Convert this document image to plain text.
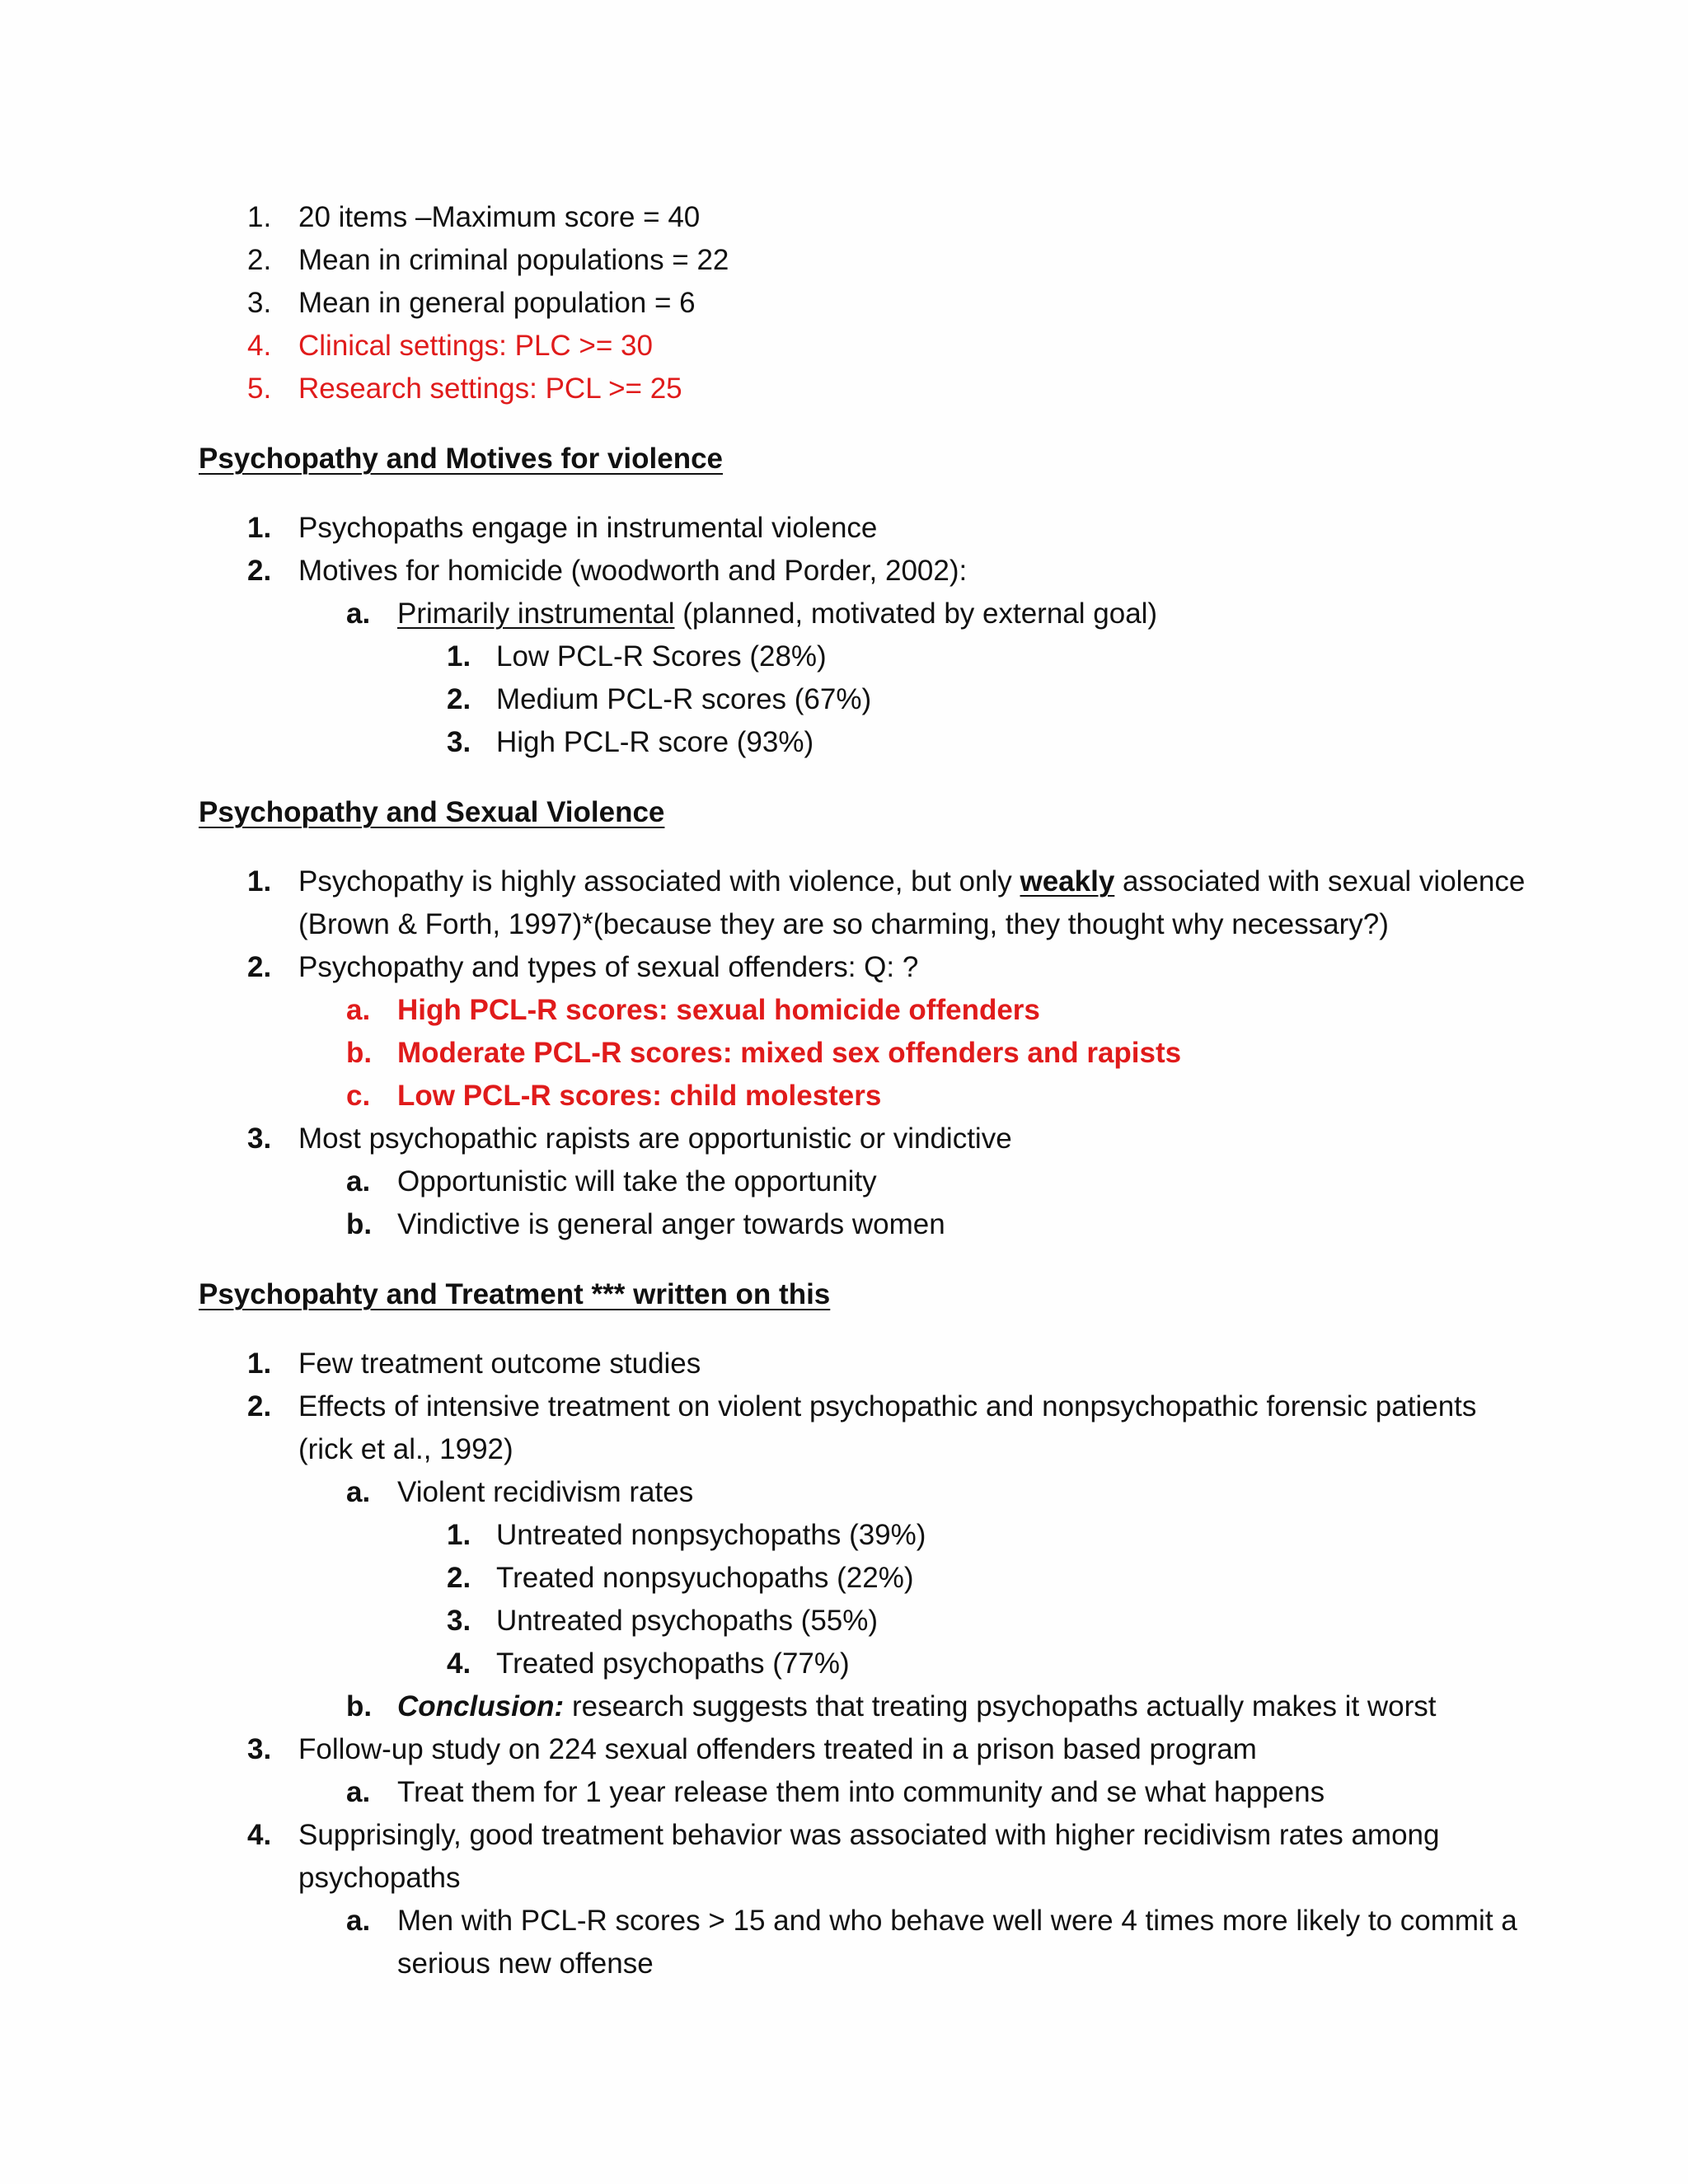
1. 20 items –Maximum score = 40
2. Mean in criminal populations = 22
3. Mean in general population = 6
4. Clinical settings: PLC >= 30
5. Research settings: PCL >= 25
Psychopathy and Motives for violence
1. Psychopaths engage in instrumental violence
2. Motives for homicide (woodworth and Porder, 2002):
a. Primarily instrumental (planned, motivated by external goal)
1. Low PCL-R Scores (28%)
2. Medium PCL-R scores (67%)
3. High PCL-R score (93%)
Psychopathy and Sexual Violence
1. Psychopathy is highly associated with violence, but only weakly associated with sexual violence
(Brown & Forth, 1997)*(because they are so charming, they thought why necessary?)
2. Psychopathy and types of sexual offenders: Q: ?
a. High PCL-R scores: sexual homicide offenders
b. Moderate PCL-R scores: mixed sex offenders and rapists
c. Low PCL-R scores: child molesters
3. Most psychopathic rapists are opportunistic or vindictive
a. Opportunistic will take the opportunity
b. Vindictive is general anger towards women
Psychopahty and Treatment *** written on this
1. Few treatment outcome studies
2. Effects of intensive treatment on violent psychopathic and nonpsychopathic forensic patients
(rick et al., 1992)
a. Violent recidivism rates
1. Untreated nonpsychopaths (39%)
2. Treated nonpsyuchopaths (22%)
3. Untreated psychopaths (55%)
4. Treated psychopaths (77%)
b. Conclusion: research suggests that treating psychopaths actually makes it worst
3. Follow-up study on 224 sexual offenders treated in a prison based program
a. Treat them for 1 year release them into community and se what happens
4. Supprisingly, good treatment behavior was associated with higher recidivism rates among
psychopaths
a. Men with PCL-R scores > 15 and who behave well were 4 times more likely to commit a
serious new offense
